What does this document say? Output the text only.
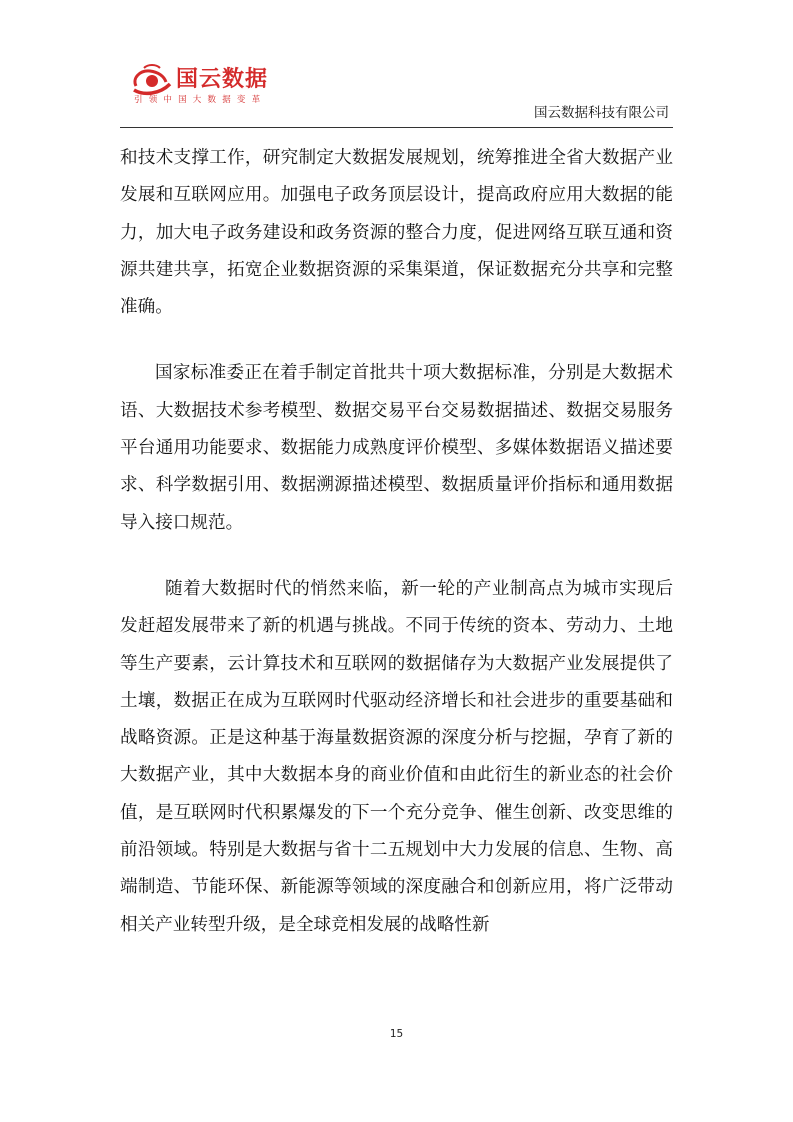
国云数据
引领中国大数据变革
国云数据科技有限公司

和技术支撑工作，研究制定大数据发展规划，统筹推进全省大数据产业发展和互联网应用。加强电子政务顶层设计，提高政府应用大数据的能力，加大电子政务建设和政务资源的整合力度，促进网络互联互通和资源共建共享，拓宽企业数据资源的采集渠道，保证数据充分共享和完整准确。

国家标准委正在着手制定首批共十项大数据标准，分别是大数据术语、大数据技术参考模型、数据交易平台交易数据描述、数据交易服务平台通用功能要求、数据能力成熟度评价模型、多媒体数据语义描述要求、科学数据引用、数据溯源描述模型、数据质量评价指标和通用数据导入接口规范。

随着大数据时代的悄然来临，新一轮的产业制高点为城市实现后发赶超发展带来了新的机遇与挑战。不同于传统的资本、劳动力、土地等生产要素，云计算技术和互联网的数据储存为大数据产业发展提供了土壤，数据正在成为互联网时代驱动经济增长和社会进步的重要基础和战略资源。正是这种基于海量数据资源的深度分析与挖掘，孕育了新的大数据产业，其中大数据本身的商业价值和由此衍生的新业态的社会价值，是互联网时代积累爆发的下一个充分竞争、催生创新、改变思维的前沿领域。特别是大数据与省十二五规划中大力发展的信息、生物、高端制造、节能环保、新能源等领域的深度融合和创新应用，将广泛带动相关产业转型升级，是全球竞相发展的战略性新

15
